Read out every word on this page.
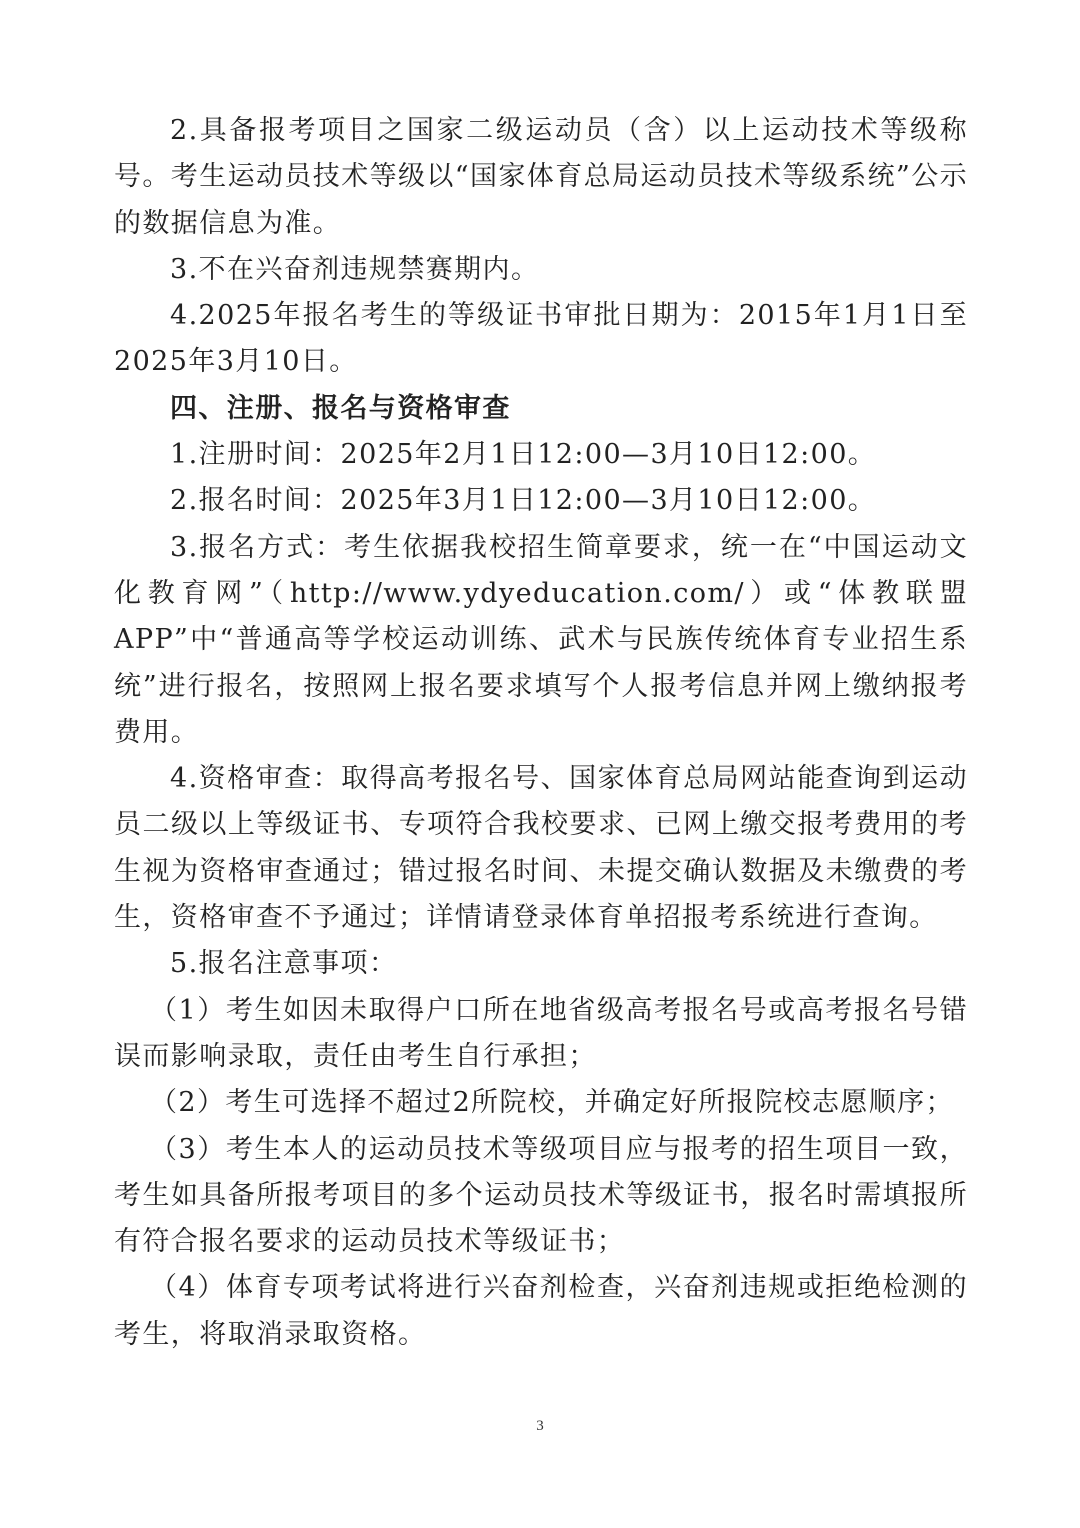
2.具备报考项目之国家二级运动员（含）以上运动技术等级称号。考生运动员技术等级以“国家体育总局运动员技术等级系统”公示的数据信息为准。

3.不在兴奋剂违规禁赛期内。

4.2025年报名考生的等级证书审批日期为：2015年1月1日至2025年3月10日。

四、注册、报名与资格审查

1.注册时间：2025年2月1日12:00—3月10日12:00。

2.报名时间：2025年3月1日12:00—3月10日12:00。

3.报名方式：考生依据我校招生简章要求，统一在“中国运动文化教育网”（http://www.ydyeducation.com/）或“体教联盟APP”中“普通高等学校运动训练、武术与民族传统体育专业招生系统”进行报名，按照网上报名要求填写个人报考信息并网上缴纳报考费用。

4.资格审查：取得高考报名号、国家体育总局网站能查询到运动员二级以上等级证书、专项符合我校要求、已网上缴交报考费用的考生视为资格审查通过；错过报名时间、未提交确认数据及未缴费的考生，资格审查不予通过；详情请登录体育单招报考系统进行查询。

5.报名注意事项：

（1）考生如因未取得户口所在地省级高考报名号或高考报名号错误而影响录取，责任由考生自行承担；

（2）考生可选择不超过2所院校，并确定好所报院校志愿顺序；

（3）考生本人的运动员技术等级项目应与报考的招生项目一致，考生如具备所报考项目的多个运动员技术等级证书，报名时需填报所有符合报名要求的运动员技术等级证书；

（4）体育专项考试将进行兴奋剂检查，兴奋剂违规或拒绝检测的考生，将取消录取资格。

3
